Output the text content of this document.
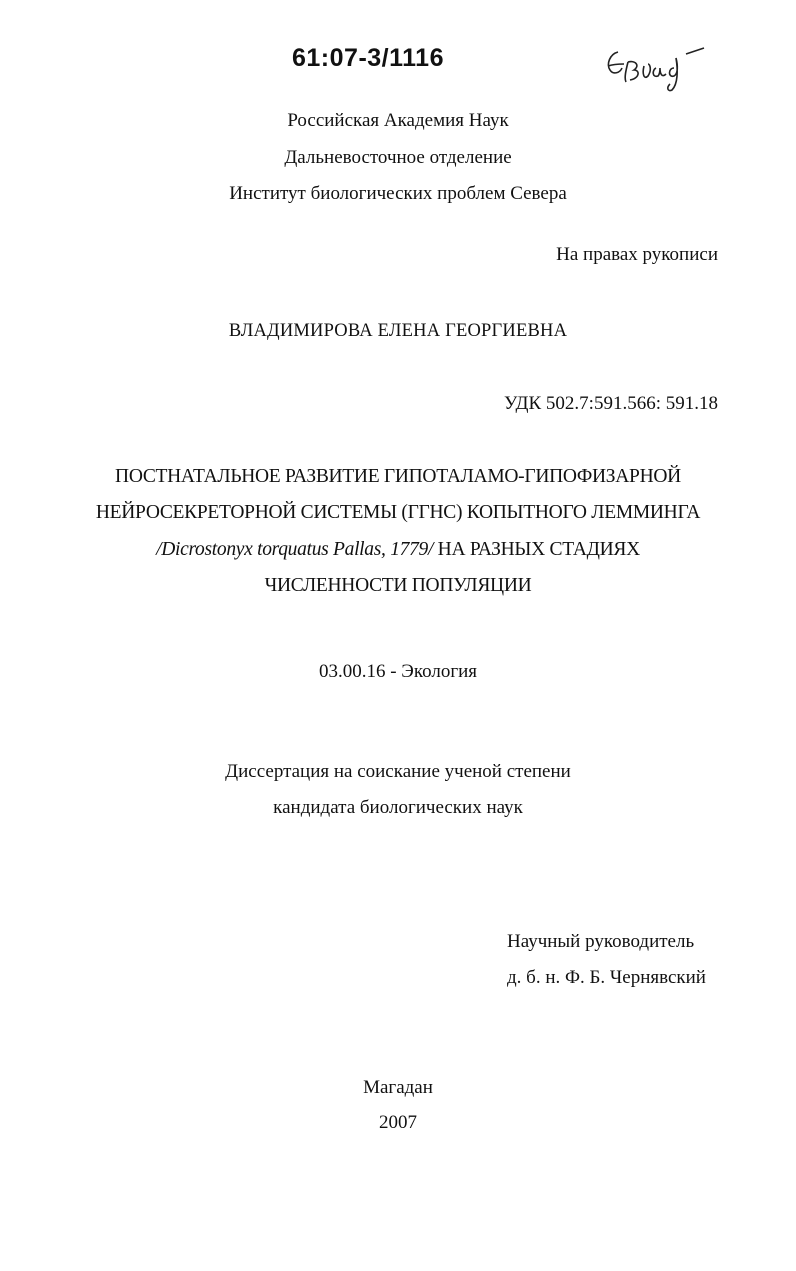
61:07-3/1116
Российская Академия Наук
Дальневосточное отделение
Институт биологических проблем Севера
На правах рукописи
ВЛАДИМИРОВА ЕЛЕНА ГЕОРГИЕВНА
УДК 502.7:591.566: 591.18
ПОСТНАТАЛЬНОЕ РАЗВИТИЕ ГИПОТАЛАМО-ГИПОФИЗАРНОЙ
НЕЙРОСЕКРЕТОРНОЙ СИСТЕМЫ (ГГНС) КОПЫТНОГО ЛЕММИНГА
/Dicrostonyx torquatus Pallas, 1779/ НА РАЗНЫХ СТАДИЯХ
ЧИСЛЕННОСТИ ПОПУЛЯЦИИ
03.00.16 - Экология
Диссертация на соискание ученой степени
кандидата биологических наук
Научный руководитель
д. б. н. Ф. Б. Чернявский
Магадан
2007
